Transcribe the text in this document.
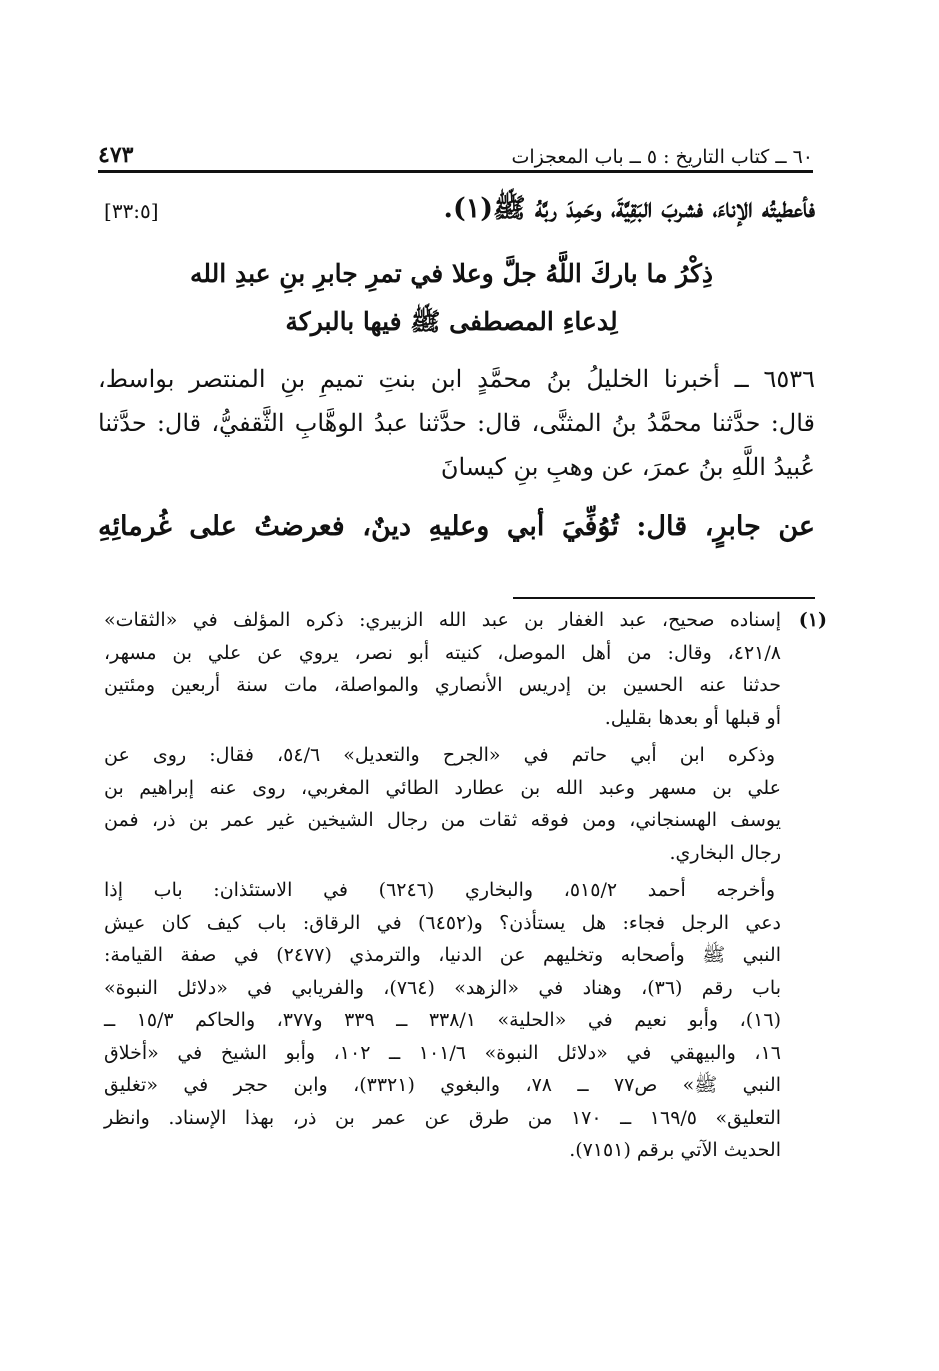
٦٠ ــ كتاب التاريخ : ٥ ــ باب المعجزات
٤٧٣
فأعطيتُه الإناءَ، فشربَ البَقِيَّةَ، وحَمِدَ ربَّهُ ﷺ(١).
[٣٣:٥]
ذِكْرُ ما باركَ اللَّهُ جلَّ وعلا في تمرِ جابرِ بنِ عبدِ الله
لِدعاءِ المصطفى ﷺ فيها بالبركة
٦٥٣٦ ــ أخبرنا الخليلُ بنُ محمَّدٍ ابن بنتِ تميمِ بنِ المنتصر بواسط،
قال: حدَّثنا محمَّدُ بنُ المثنَّى، قال: حدَّثنا عبدُ الوهَّابِ الثَّقفيُّ، قال: حدَّثنا
عُبيدُ اللَّهِ بنُ عمرَ، عن وهبِ بنِ كيسانَ
عن جابرٍ، قال: تُوُفِّيَ أبي وعليهِ دينٌ، فعرضتُ على غُرمائِهِ
(١)إسناده صحيح، عبد الغفار بن عبد الله الزبيري: ذكره المؤلف في «الثقات»
٤٢١/٨، وقال: من أهل الموصل، كنيته أبو نصر، يروي عن علي بن مسهر،
حدثنا عنه الحسين بن إدريس الأنصاري والمواصلة، مات سنة أربعين ومئتين
أو قبلها أو بعدها بقليل.
وذكره ابن أبي حاتم في «الجرح والتعديل» ٥٤/٦، فقال: روى عن
علي بن مسهر وعبد الله بن عطارد الطائي المغربي، روى عنه إبراهيم بن
يوسف الهسنجاني، ومن فوقه ثقات من رجال الشيخين غير عمر بن ذر، فمن
رجال البخاري.
وأخرجه أحمد ٥١٥/٢، والبخاري (٦٢٤٦) في الاستئذان: باب إذا
دعي الرجل فجاء: هل يستأذن؟ و(٦٤٥٢) في الرقاق: باب كيف كان عيش
النبي ﷺ وأصحابه وتخليهم عن الدنيا، والترمذي (٢٤٧٧) في صفة القيامة:
باب رقم (٣٦)، وهناد في «الزهد» (٧٦٤)، والفريابي في «دلائل النبوة»
(١٦)، وأبو نعيم في «الحلية» ٣٣٨/١ ــ ٣٣٩ و٣٧٧، والحاكم ١٥/٣ ــ
١٦، والبيهقي في «دلائل النبوة» ١٠١/٦ ــ ١٠٢، وأبو الشيخ في «أخلاق
النبي ﷺ» ص٧٧ ــ ٧٨، والبغوي (٣٣٢١)، وابن حجر في «تغليق
التعليق» ١٦٩/٥ ــ ١٧٠ من طرق عن عمر بن ذر، بهذا الإسناد. وانظر
الحديث الآتي برقم (٧١٥١).
